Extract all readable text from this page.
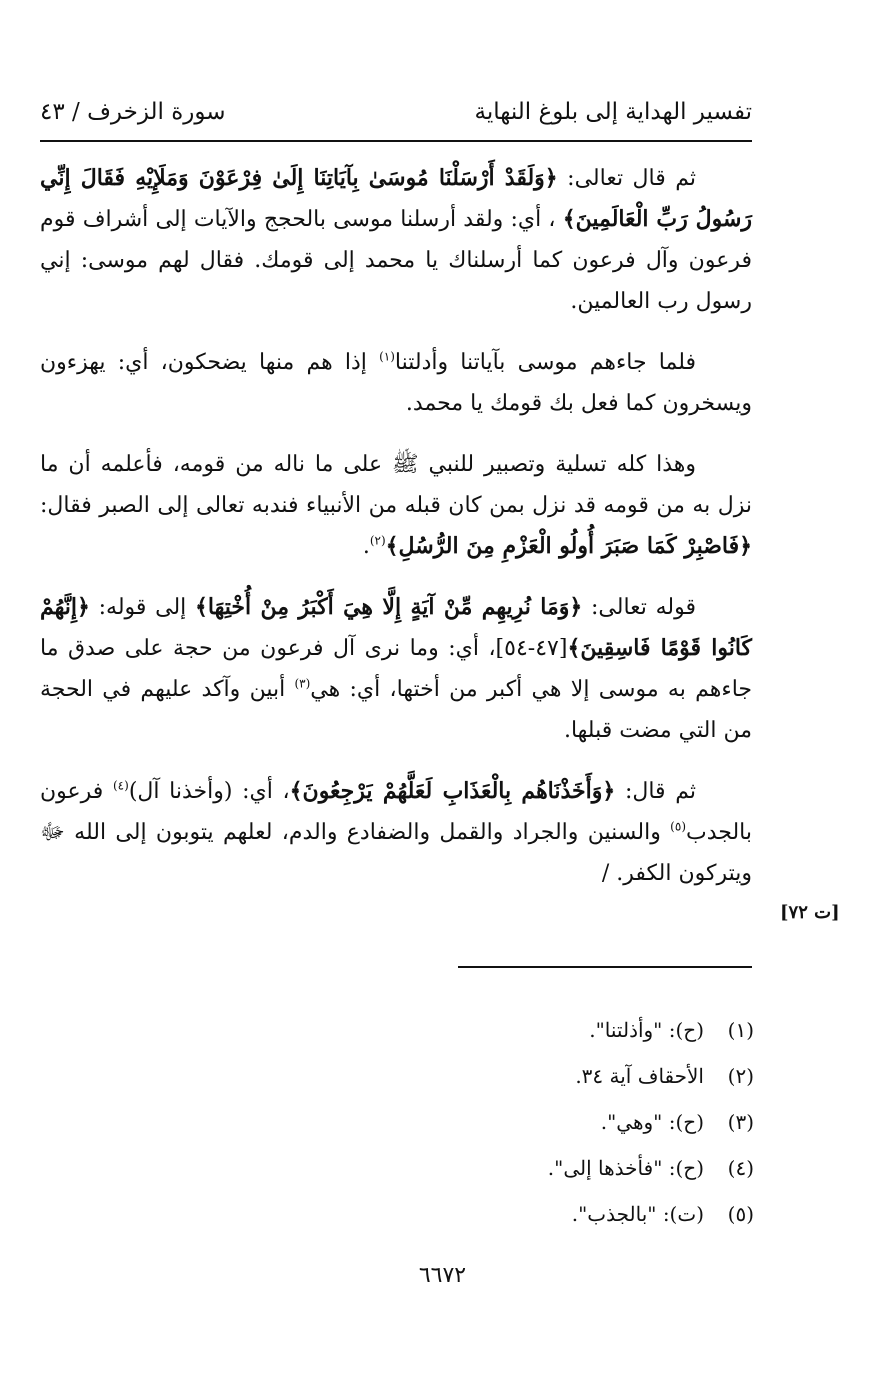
تفسير الهداية إلى بلوغ النهاية
سورة الزخرف / ٤٣

ثم قال تعالى: ﴿وَلَقَدْ أَرْسَلْنَا مُوسَىٰ بِآيَاتِنَا إِلَىٰ فِرْعَوْنَ وَمَلَإِيْهِ فَقَالَ إِنِّي رَسُولُ رَبِّ الْعَالَمِينَ﴾ ، أي: ولقد أرسلنا موسى بالحجج والآيات إلى أشراف قوم فرعون وآل فرعون كما أرسلناك يا محمد إلى قومك. فقال لهم موسى: إني رسول رب العالمين.

فلما جاءهم موسى بآياتنا وأدلتنا$^{(١)}$ إذا هم منها يضحكون، أي: يهزءون ويسخرون كما فعل بك قومك يا محمد.

وهذا كله تسلية وتصبير للنبي ﷺ على ما ناله من قومه، فأعلمه أن ما نزل به من قومه قد نزل بمن كان قبله من الأنبياء فندبه تعالى إلى الصبر فقال: ﴿فَاصْبِرْ كَمَا صَبَرَ أُولُو الْعَزْمِ مِنَ الرُّسُلِ﴾$^{(٢)}$.

قوله تعالى: ﴿وَمَا نُرِيهِم مِّنْ آيَةٍ إِلَّا هِيَ أَكْبَرُ مِنْ أُخْتِهَا﴾ إلى قوله: ﴿إِنَّهُمْ كَانُوا قَوْمًا فَاسِقِينَ﴾[٤٧-٥٤]، أي: وما نرى آل فرعون من حجة على صدق ما جاءهم به موسى إلا هي أكبر من أختها، أي: هي$^{(٣)}$ أبين وآكد عليهم في الحجة من التي مضت قبلها.

ثم قال: ﴿وَأَخَذْنَاهُم بِالْعَذَابِ لَعَلَّهُمْ يَرْجِعُونَ﴾، أي: (وأخذنا آل)$^{(٤)}$ فرعون بالجدب$^{(٥)}$ والسنين والجراد والقمل والضفادع والدم، لعلهم يتوبون إلى الله ﷻ ويتركون الكفر. /

[ت ٧٢]
(١)(ح): "وأذلتنا".
(٢)الأحقاف آية ٣٤.
(٣)(ح): "وهي".
(٤)(ح): "فأخذها إلى".
(٥)(ت): "بالجذب".
٦٦٧٢
